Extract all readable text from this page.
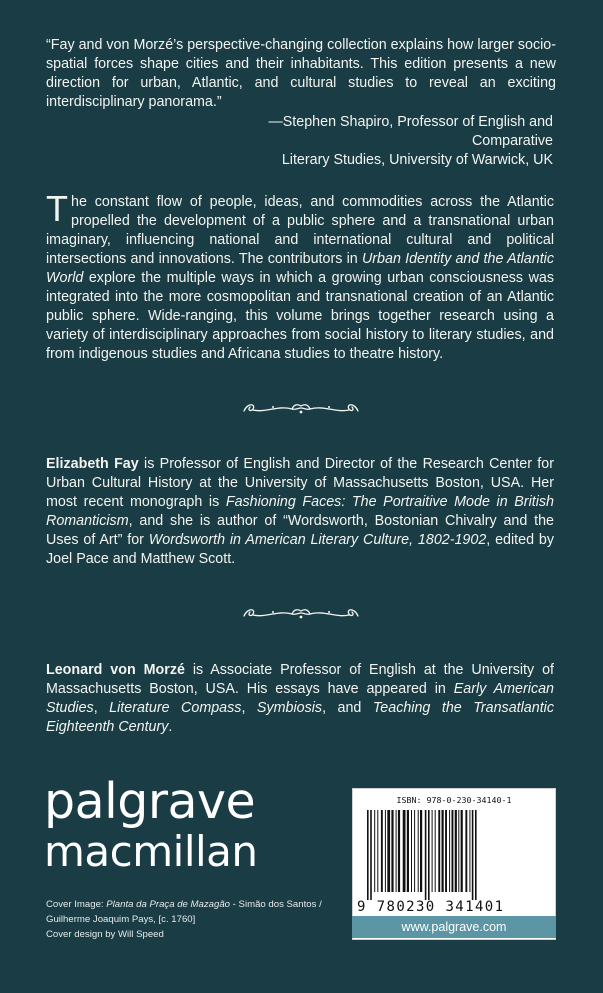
“Fay and von Morzé’s perspective-changing collection explains how larger socio-spatial forces shape cities and their inhabitants. This edition presents a new direction for urban, Atlantic, and cultural studies to reveal an exciting interdisciplinary panorama.”
—Stephen Shapiro, Professor of English and Comparative
Literary Studies, University of Warwick, UK
The constant flow of people, ideas, and commodities across the Atlantic propelled the development of a public sphere and a transnational urban imaginary, influencing national and international cultural and political intersections and innovations. The contributors in Urban Identity and the Atlantic World explore the multiple ways in which a growing urban consciousness was integrated into the more cosmopolitan and transnational creation of an Atlantic public sphere. Wide-ranging, this volume brings together research using a variety of interdisciplinary approaches from social history to literary studies, and from indigenous studies and Africana studies to theatre history.
Elizabeth Fay is Professor of English and Director of the Research Center for Urban Cultural History at the University of Massachusetts Boston, USA. Her most recent monograph is Fashioning Faces: The Portraitive Mode in British Romanticism, and she is author of “Wordsworth, Bostonian Chivalry and the Uses of Art” for Wordsworth in American Literary Culture, 1802-1902, edited by Joel Pace and Matthew Scott.
Leonard von Morzé is Associate Professor of English at the University of Massachusetts Boston, USA. His essays have appeared in Early American Studies, Literature Compass, Symbiosis, and Teaching the Transatlantic Eighteenth Century.
palgrave
macmillan
Cover Image: Planta da Praça de Mazagão - Simão dos Santos /
Guilherme Joaquim Pays, [c. 1760]
Cover design by Will Speed
ISBN: 978-0-230-34140-1
9 780230 341401
www.palgrave.com
